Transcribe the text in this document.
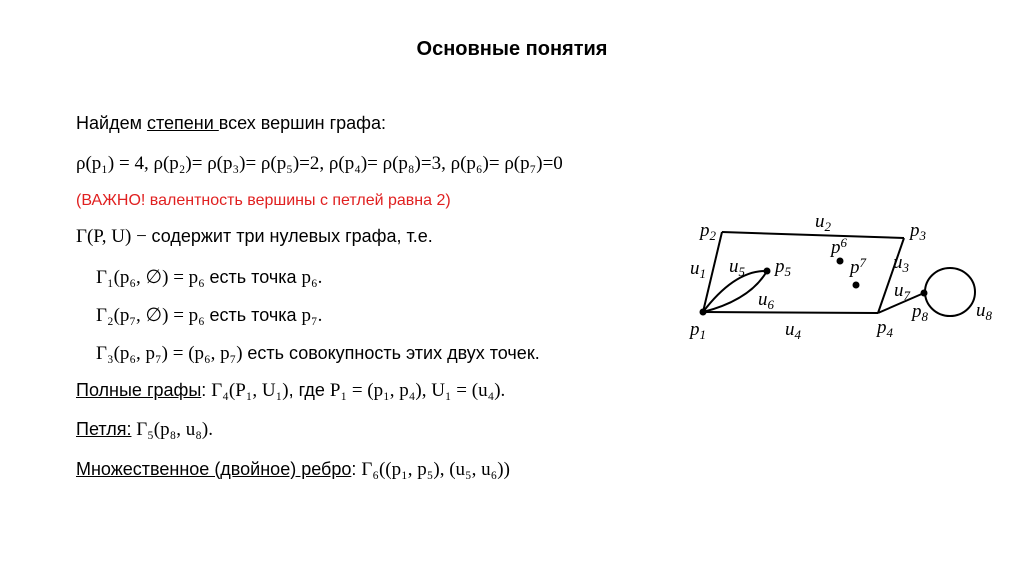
Основные понятия
Найдем степени всех вершин графа:
ρ(p₁) = 4, ρ(p₂)= ρ(p₃)= ρ(p₅)=2, ρ(p₄)= ρ(p₈)=3, ρ(p₆)= ρ(p₇)=0
(ВАЖНО! валентность вершины с петлей равна 2)
Γ(P, U) − содержит три нулевых графа, т.е.
Γ₁(p₆, ∅) = p₆ есть точка p₆.
Γ₂(p₇, ∅) = p₆ есть точка p₇.
Γ₃(p₆, p₇) = (p₆, p₇) есть совокупность этих двух точек.
Полные графы: Γ₄(P₁, U₁), где P₁ = (p₁, p₄), U₁ = (u₄).
Петля: Γ₅(p₈, u₈).
Множественное (двойное) ребро: Γ₆((p₁, p₅), (u₅, u₆))
$p_2$
$u_2$	$p_3$
$p^6$
$p^7$
$u_1$ $u_5$ $p_5$	$u_3$
$u_7$
$u_6$	$p_8$	$u_8$
$p_1$	$u_4$	$p_4$
